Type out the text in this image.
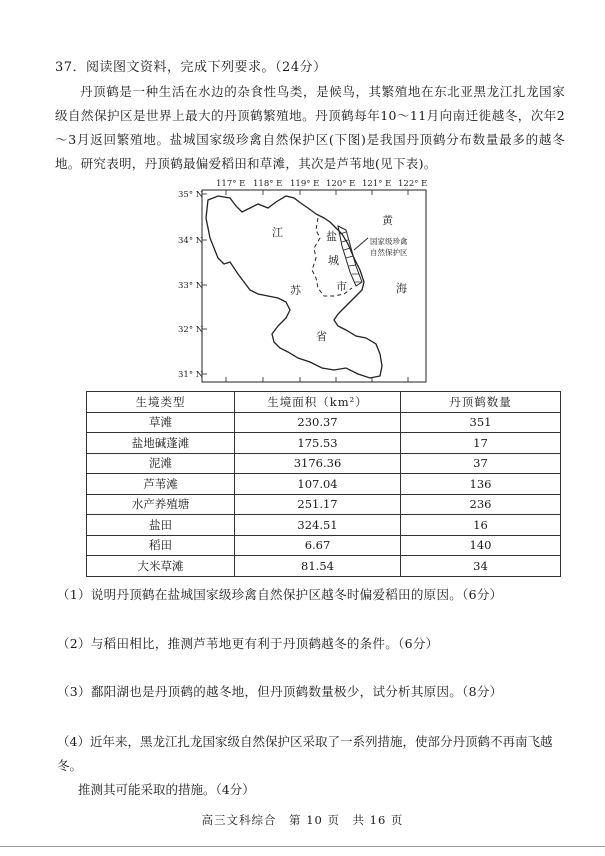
37．阅读图文资料，完成下列要求。（24分）
丹顶鹤是一种生活在水边的杂食性鸟类，是候鸟，其繁殖地在东北亚黑龙江扎龙国家级自然保护区是世界上最大的丹顶鹤繁殖地。丹顶鹤每年10～11月向南迁徙越冬，次年2～3月返回繁殖地。盐城国家级珍禽自然保护区(下图)是我国丹顶鹤分布数量最多的越冬地。研究表明，丹顶鹤最偏爱稻田和草滩，其次是芦苇地(见下表)。
117° E 118° E 119° E 120° E 121° E 122° E
35° N
34° N
33° N
32° N
31° N
江
苏
省
盐
城
市
黄
海
国家级珍禽
自然保护区
生境类型	生境面积（km²）	丹顶鹤数量
草滩	230.37	351
盐地碱蓬滩	175.53	17
泥滩	3176.36	37
芦苇滩	107.04	136
水产养殖塘	251.17	236
盐田	324.51	16
稻田	6.67	140
大米草滩	81.54	34
（1）说明丹顶鹤在盐城国家级珍禽自然保护区越冬时偏爱稻田的原因。（6分）
（2）与稻田相比，推测芦苇地更有利于丹顶鹤越冬的条件。（6分）
（3）鄱阳湖也是丹顶鹤的越冬地，但丹顶鹤数量极少，试分析其原因。（8分）
（4）近年来，黑龙江扎龙国家级自然保护区采取了一系列措施，使部分丹顶鹤不再南飞越冬。
推测其可能采取的措施。（4分）
高三文科综合　第 10 页　共 16 页
